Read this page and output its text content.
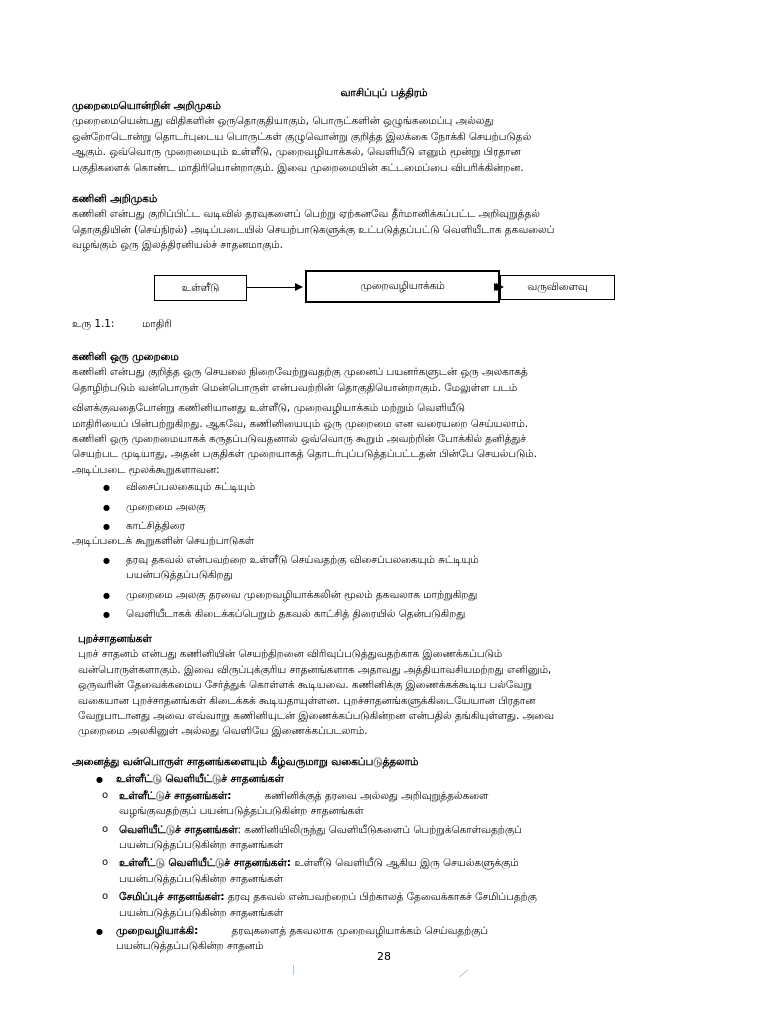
வாசிப்புப் பத்திரம்
முறைமையொன்றின் அறிமுகம்

முறைமையென்பது விதிகளின் ஒருதொகுதியாகும், பொருட்களின் ஒழுங்கமைப்பு அல்லது
ஒன்றோடொன்று தொடர்புடைய பொருட்கள் குழுவொன்று குறித்த இலக்கை நோக்கி செயற்படுதல்
ஆகும். ஒவ்வொரு முறைமையும் உள்ளீடு, முறைவழியாக்கல், வெளியீடு எனும் மூன்று பிரதான
பகுதிகளைக் கொண்ட மாதிரியொன்றாகும். இவை முறைமையின் கட்டமைப்பை விபரிக்கின்றன.

கணினி அறிமுகம்

கணினி என்பது குறிப்பிட்ட வடிவில் தரவுகளைப் பெற்று ஏற்கனவே தீர்மானிக்கப்பட்ட அறிவுறுத்தல்
தொகுதியின் (செய்நிரல்) அடிப்படையில் செயற்பாடுகளுக்கு உட்படுத்தப்பட்டு வெளியீடாக தகவலைப்
வழங்கும் ஒரு இலத்திரனியல்ச் சாதனமாகும்.

உள்ளீடு	முறைவழியாக்கம்	வருவிளைவு
உரு 1.1:	மாதிரி
கணினி ஒரு முறைமை

கணினி என்பது குறித்த ஒரு செயலை நிறைவேற்றுவதற்கு முனைப் பயனர்களுடன் ஒரு அலகாகத்
தொழிற்படும் வன்பொருள் மென்பொருள் என்பவற்றின் தொகுதியொன்றாகும். மேலுள்ள படம்
விளக்குவதைபோன்று கணினியானது உள்ளீடு, முறைவழியாக்கம் மற்றும் வெளியீடு
மாதிரியைப் பின்பற்றுகிறது. ஆகவே, கணினியையும் ஒரு முறைமை என வரையறை செய்யலாம்.
கணினி ஒரு முறைமையாகக் கருதப்படுவதனால் ஒவ்வொரு கூறும் அவற்றின் போக்கில் தனித்துச்
செயற்பட முடியாது, அதன் பகுதிகள் முறையாகத் தொடர்புப்படுத்தப்பட்டதன் பின்பே செயல்படும்.
அடிப்படை மூலக்கூறுகளாவன:

● விசைப்பலகையும் சுட்டியும்
● முறைமை அலகு
● காட்சித்திரை
அடிப்படைக் கூறுகளின் செயற்பாடுகள்
● தரவு தகவல் என்பவற்றை உள்ளீடு செய்வதற்கு விசைப்பலகையும் சுட்டியும்
பயன்படுத்தப்படுகிறது
● முறைமை அலகு தரவை முறைவழியாக்கலின் மூலம் தகவலாக மாற்றுகிறது
● வெளியீடாகக் கிடைக்கப்பெறும் தகவல் காட்சித் திரையில் தென்படுகிறது
புறச்சாதனங்கள்

புறச் சாதனம் என்பது கணினியின் செயற்திறனை விரிவுப்படுத்துவதற்காக இணைக்கப்படும்
வன்பொருள்களாகும். இவை விருப்புக்குரிய சாதனங்களாக அதாவது அத்தியாவசியமற்றது எனினும்,
ஒருவரின் தேவைக்கமைய சேர்த்துக் கொள்ளக் கூடியவை. கணினிக்கு இணைக்கக்கூடிய பல்வேறு
வகையான புறச்சாதனங்கள் கிடைக்கக் கூடியதாயுள்ளன. புறச்சாதனங்களுக்கிடையேயான பிரதான
வேறுபாடானது அவை எவ்வாறு கணினியுடன் இணைக்கப்படுகின்றன என்பதில் தங்கியுள்ளது. அவை
முறைமை அலகினுள் அல்லது வெளியே இணைக்கப்படலாம்.

அனைத்து வன்பொருள் சாதனங்களையும் கீழ்வருமாறு வகைப்படுத்தலாம்
● உள்ளீட்டு வெளியீட்டுச் சாதனங்கள்
o உள்ளீட்டுச் சாதனங்கள்:	கணினிக்குத் தரவை அல்லது அறிவுறுத்தல்களை
வழங்குவதற்குப் பயன்படுத்தப்படுகின்ற சாதனங்கள்
o வெளியீட்டுச் சாதனங்கள்: கணினியிலிருந்து வெளியீடுகளைப் பெற்றுக்கொள்வதற்குப்
பயன்படுத்தப்படுகின்ற சாதனங்கள்
o உள்ளீட்டு வெளியீட்டுச் சாதனங்கள்: உள்ளீடு வெளியீடு ஆகிய இரு செயல்களுக்கும்
பயன்படுத்தப்படுகின்ற சாதனங்கள்
o சேமிப்புச் சாதனங்கள்: தரவு தகவல் என்பவற்றைப் பிற்காலத் தேவைக்காகச் சேமிப்பதற்கு
பயன்படுத்தப்படுகின்ற சாதனங்கள்
● முறைவழியாக்கி:	தரவுகளைத் தகவலாக முறைவழியாக்கம் செய்வதற்குப்
பயன்படுத்தப்படுகின்ற சாதனம்
28
